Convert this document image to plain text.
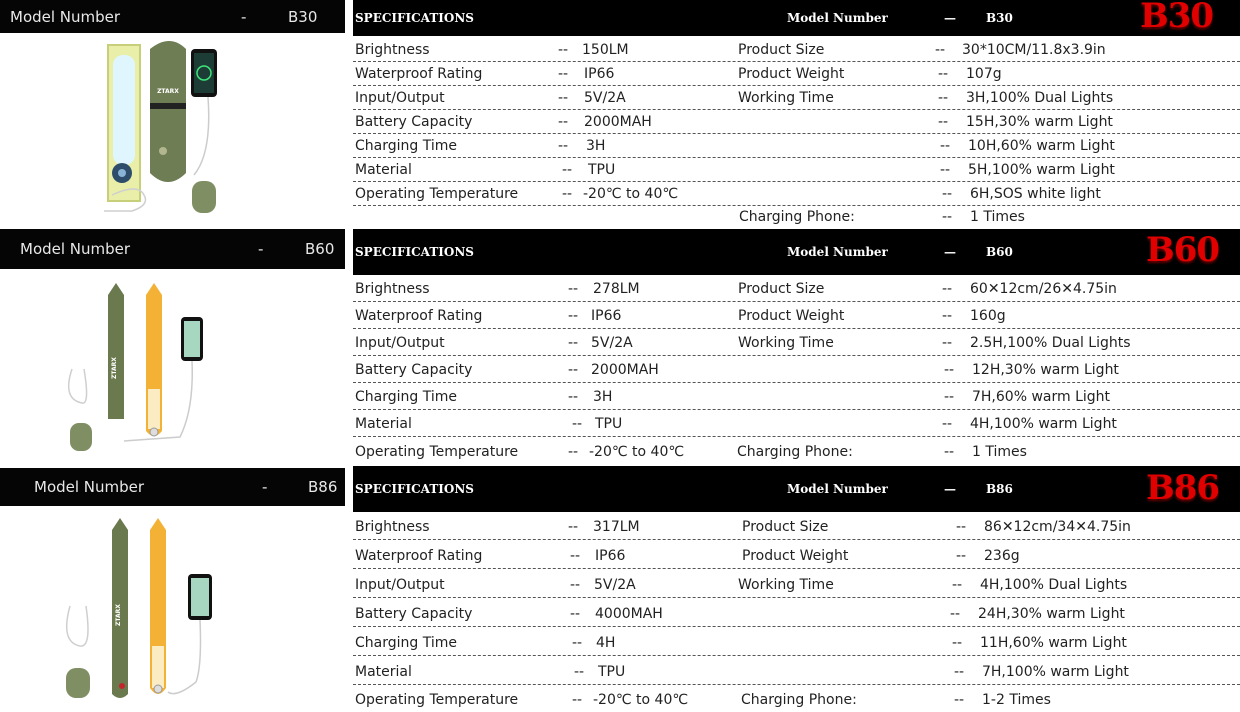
Model Number	-	B30
ZTARX
Model Number	-	B60
ZTARX
Model Number	-	B86
ZTARX
SPECIFICATIONS	Model Number	—	B30	B30
Brightness	-- 150LM	Product Size	-- 30*10CM/11.8x3.9in
Waterproof Rating	-- IP66	Product Weight	-- 107g
Input/Output	-- 5V/2A	Working Time	-- 3H,100% Dual Lights
Battery Capacity	-- 2000MAH	-- 15H,30% warm Light
Charging Time	-- 3H	-- 10H,60% warm Light
Material	-- TPU	-- 5H,100% warm Light
Operating Temperature	-- -20℃ to 40℃	-- 6H,SOS white light
Charging Phone:	-- 1 Times
SPECIFICATIONS	Model Number	—	B60	B60
Brightness	-- 278LM	Product Size	-- 60✕12cm/26✕4.75in
Waterproof Rating	-- IP66	Product Weight	-- 160g
Input/Output	-- 5V/2A	Working Time	-- 2.5H,100% Dual Lights
Battery Capacity	-- 2000MAH	-- 12H,30% warm Light
Charging Time	-- 3H	-- 7H,60% warm Light
Material	-- TPU	-- 4H,100% warm Light
Operating Temperature	-- -20℃ to 40℃	Charging Phone:	-- 1 Times
SPECIFICATIONS	Model Number	—	B86	B86
Brightness	-- 317LM	Product Size	-- 86✕12cm/34✕4.75in
Waterproof Rating	-- IP66	Product Weight	-- 236g
Input/Output	-- 5V/2A	Working Time	-- 4H,100% Dual Lights
Battery Capacity	-- 4000MAH	-- 24H,30% warm Light
Charging Time	-- 4H	-- 11H,60% warm Light
Material	-- TPU	-- 7H,100% warm Light
Operating Temperature	-- -20℃ to 40℃	Charging Phone:	-- 1-2 Times
